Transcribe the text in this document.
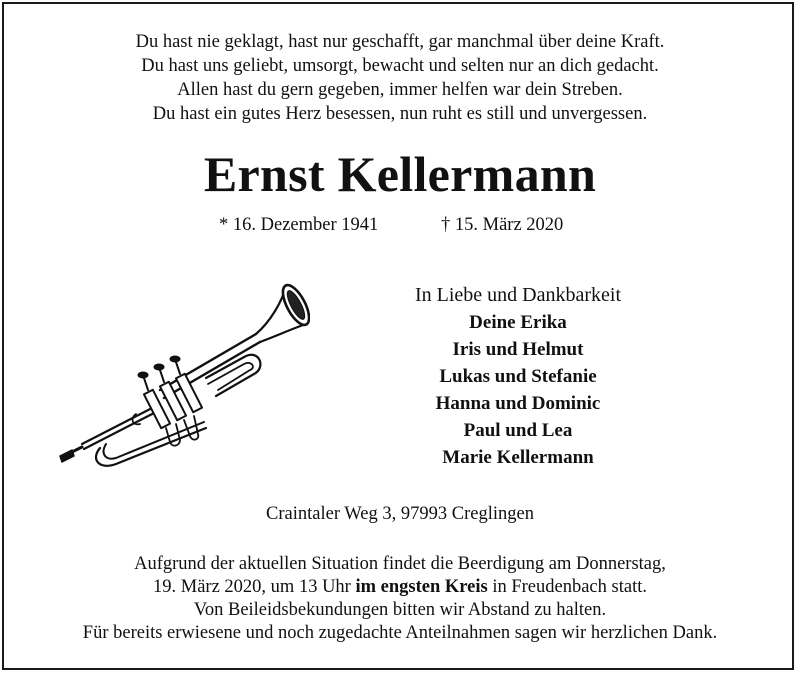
Du hast nie geklagt, hast nur geschafft, gar manchmal über deine Kraft.
Du hast uns geliebt, umsorgt, bewacht und selten nur an dich gedacht.
Allen hast du gern gegeben, immer helfen war dein Streben.
Du hast ein gutes Herz besessen, nun ruht es still und unvergessen.
Ernst Kellermann
* 16. Dezember 1941	† 15. März 2020
In Liebe und Dankbarkeit
Deine Erika
Iris und Helmut
Lukas und Stefanie
Hanna und Dominic
Paul und Lea
Marie Kellermann
Craintaler Weg 3, 97993 Creglingen
Aufgrund der aktuellen Situation findet die Beerdigung am Donnerstag,
19. März 2020, um 13 Uhr im engsten Kreis in Freudenbach statt.
Von Beileidsbekundungen bitten wir Abstand zu halten.
Für bereits erwiesene und noch zugedachte Anteilnahmen sagen wir herzlichen Dank.
